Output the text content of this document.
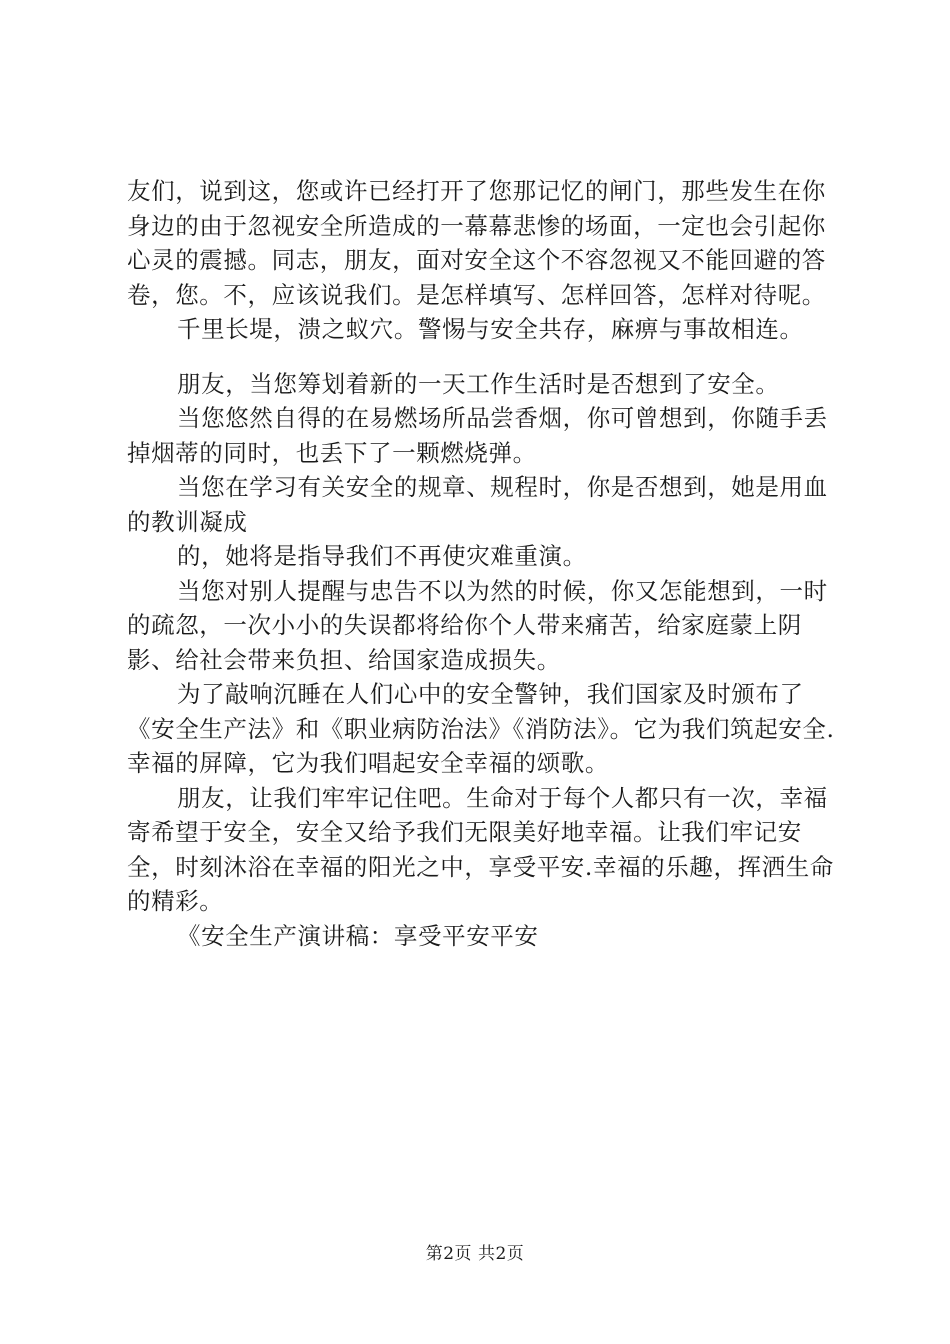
友们，说到这，您或许已经打开了您那记忆的闸门，那些发生在你身边的由于忽视安全所造成的一幕幕悲惨的场面，一定也会引起你心灵的震撼。同志，朋友，面对安全这个不容忽视又不能回避的答卷，您。不，应该说我们。是怎样填写、怎样回答，怎样对待呢。

千里长堤，溃之蚁穴。警惕与安全共存，麻痹与事故相连。

朋友，当您筹划着新的一天工作生活时是否想到了安全。

当您悠然自得的在易燃场所品尝香烟，你可曾想到，你随手丢掉烟蒂的同时，也丢下了一颗燃烧弹。

当您在学习有关安全的规章、规程时，你是否想到，她是用血的教训凝成

的，她将是指导我们不再使灾难重演。

当您对别人提醒与忠告不以为然的时候，你又怎能想到，一时的疏忽，一次小小的失误都将给你个人带来痛苦，给家庭蒙上阴影、给社会带来负担、给国家造成损失。

为了敲响沉睡在人们心中的安全警钟，我们国家及时颁布了《安全生产法》和《职业病防治法》《消防法》。它为我们筑起安全.幸福的屏障，它为我们唱起安全幸福的颂歌。

朋友，让我们牢牢记住吧。生命对于每个人都只有一次，幸福寄希望于安全，安全又给予我们无限美好地幸福。让我们牢记安全，时刻沐浴在幸福的阳光之中，享受平安.幸福的乐趣，挥洒生命的精彩。

《安全生产演讲稿：享受平安平安

第2页 共2页
